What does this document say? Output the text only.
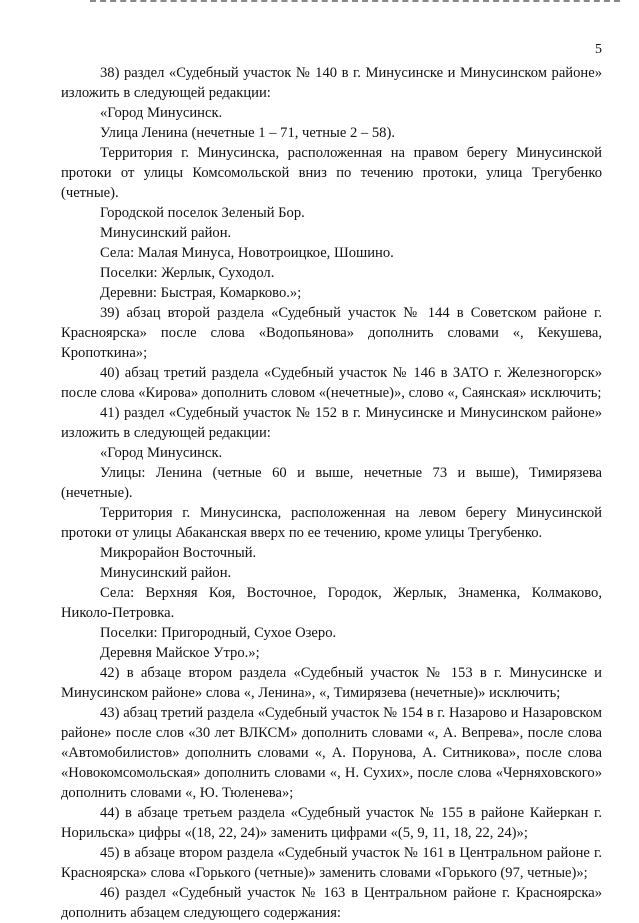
5

38) раздел «Судебный участок № 140 в г. Минусинске и Минусинском районе» изложить в следующей редакции:

«Город Минусинск.

Улица Ленина (нечетные 1 – 71, четные 2 – 58).

Территория г. Минусинска, расположенная на правом берегу Минусинской протоки от улицы Комсомольской вниз по течению протоки, улица Трегубенко (четные).

Городской поселок Зеленый Бор.

Минусинский район.

Села: Малая Минуса, Новотроицкое, Шошино.

Поселки: Жерлык, Суходол.

Деревни: Быстрая, Комарково.»;

39) абзац второй раздела «Судебный участок № 144 в Советском районе г. Красноярска» после слова «Водопьянова» дополнить словами «, Кекушева, Кропоткина»;

40) абзац третий раздела «Судебный участок № 146 в ЗАТО г. Железногорск» после слова «Кирова» дополнить словом «(нечетные)», слово «, Саянская» исключить;

41) раздел «Судебный участок № 152 в г. Минусинске и Минусинском районе» изложить в следующей редакции:

«Город Минусинск.

Улицы: Ленина (четные 60 и выше, нечетные 73 и выше), Тимирязева (нечетные).

Территория г. Минусинска, расположенная на левом берегу Минусинской протоки от улицы Абаканская вверх по ее течению, кроме улицы Трегубенко.

Микрорайон Восточный.

Минусинский район.

Села: Верхняя Коя, Восточное, Городок, Жерлык, Знаменка, Колмаково, Николо-Петровка.

Поселки: Пригородный, Сухое Озеро.

Деревня Майское Утро.»;

42) в абзаце втором раздела «Судебный участок № 153 в г. Минусинске и Минусинском районе» слова «, Ленина», «, Тимирязева (нечетные)» исключить;

43) абзац третий раздела «Судебный участок № 154 в г. Назарово и Назаровском районе» после слов «30 лет ВЛКСМ» дополнить словами «, А. Вепрева», после слова «Автомобилистов» дополнить словами «, А. Порунова, А. Ситникова», после слова «Новокомсомольская» дополнить словами «, Н. Сухих», после слова «Черняховского» дополнить словами «, Ю. Тюленева»;

44) в абзаце третьем раздела «Судебный участок № 155 в районе Кайеркан г. Норильска» цифры «(18, 22, 24)» заменить цифрами «(5, 9, 11, 18, 22, 24)»;

45) в абзаце втором раздела «Судебный участок № 161 в Центральном районе г. Красноярска» слова «Горького (четные)» заменить словами «Горького (97, четные)»;

46) раздел «Судебный участок № 163 в Центральном районе г. Красноярска» дополнить абзацем следующего содержания:
